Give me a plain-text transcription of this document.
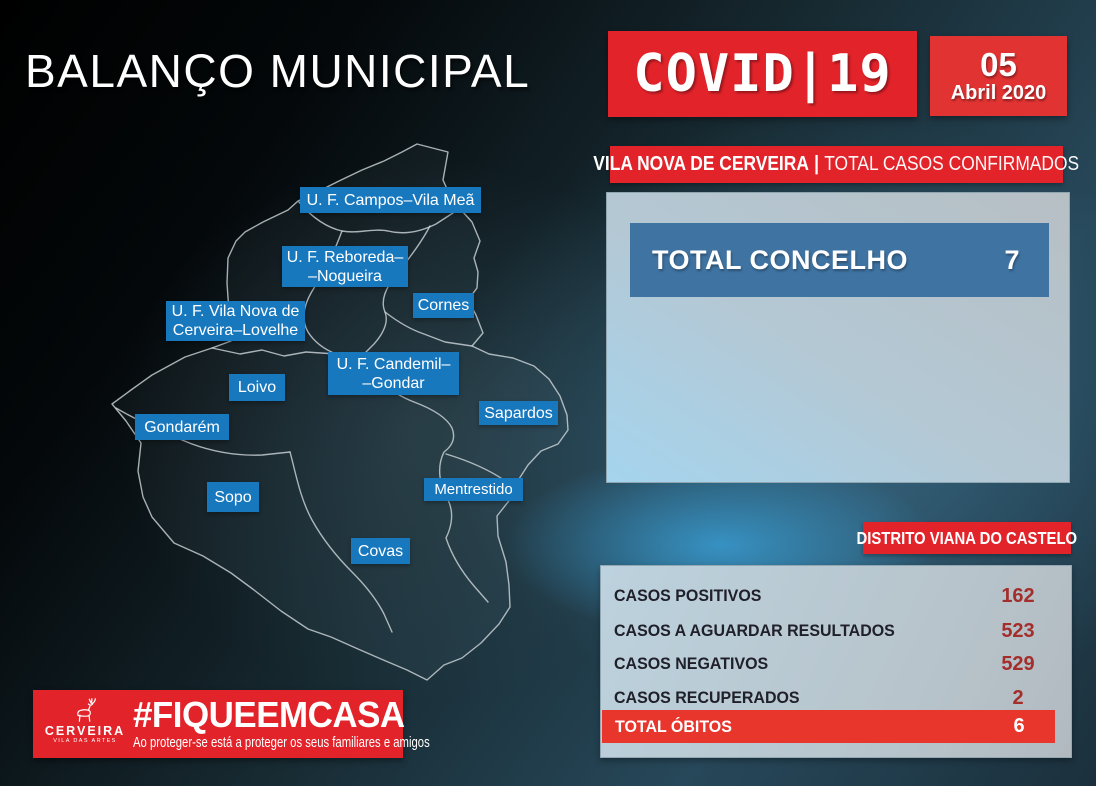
U. F. Campos–Vila Meã
U. F. Reboreda–
–Nogueira
Cornes
U. F. Vila Nova de
Cerveira–Lovelhe
Loivo
U. F. Candemil–
–Gondar
Sapardos
Gondarém
Sopo	Mentrestido
Covas
BALANÇO MUNICIPAL COVID|19	05
Abril 2020
VILA NOVA DE CERVEIRA | TOTAL CASOS CONFIRMADOS
TOTAL CONCELHO	7
DISTRITO VIANA DO CASTELO
CASOS POSITIVOS	162
CASOS A AGUARDAR RESULTADOS	523
CASOS NEGATIVOS	529
CASOS RECUPERADOS	2
TOTAL ÓBITOS	6
CERVEIRA
VILA DAS ARTES
#FIQUEEMCASA
Ao proteger-se está a proteger os seus familiares e amigos
